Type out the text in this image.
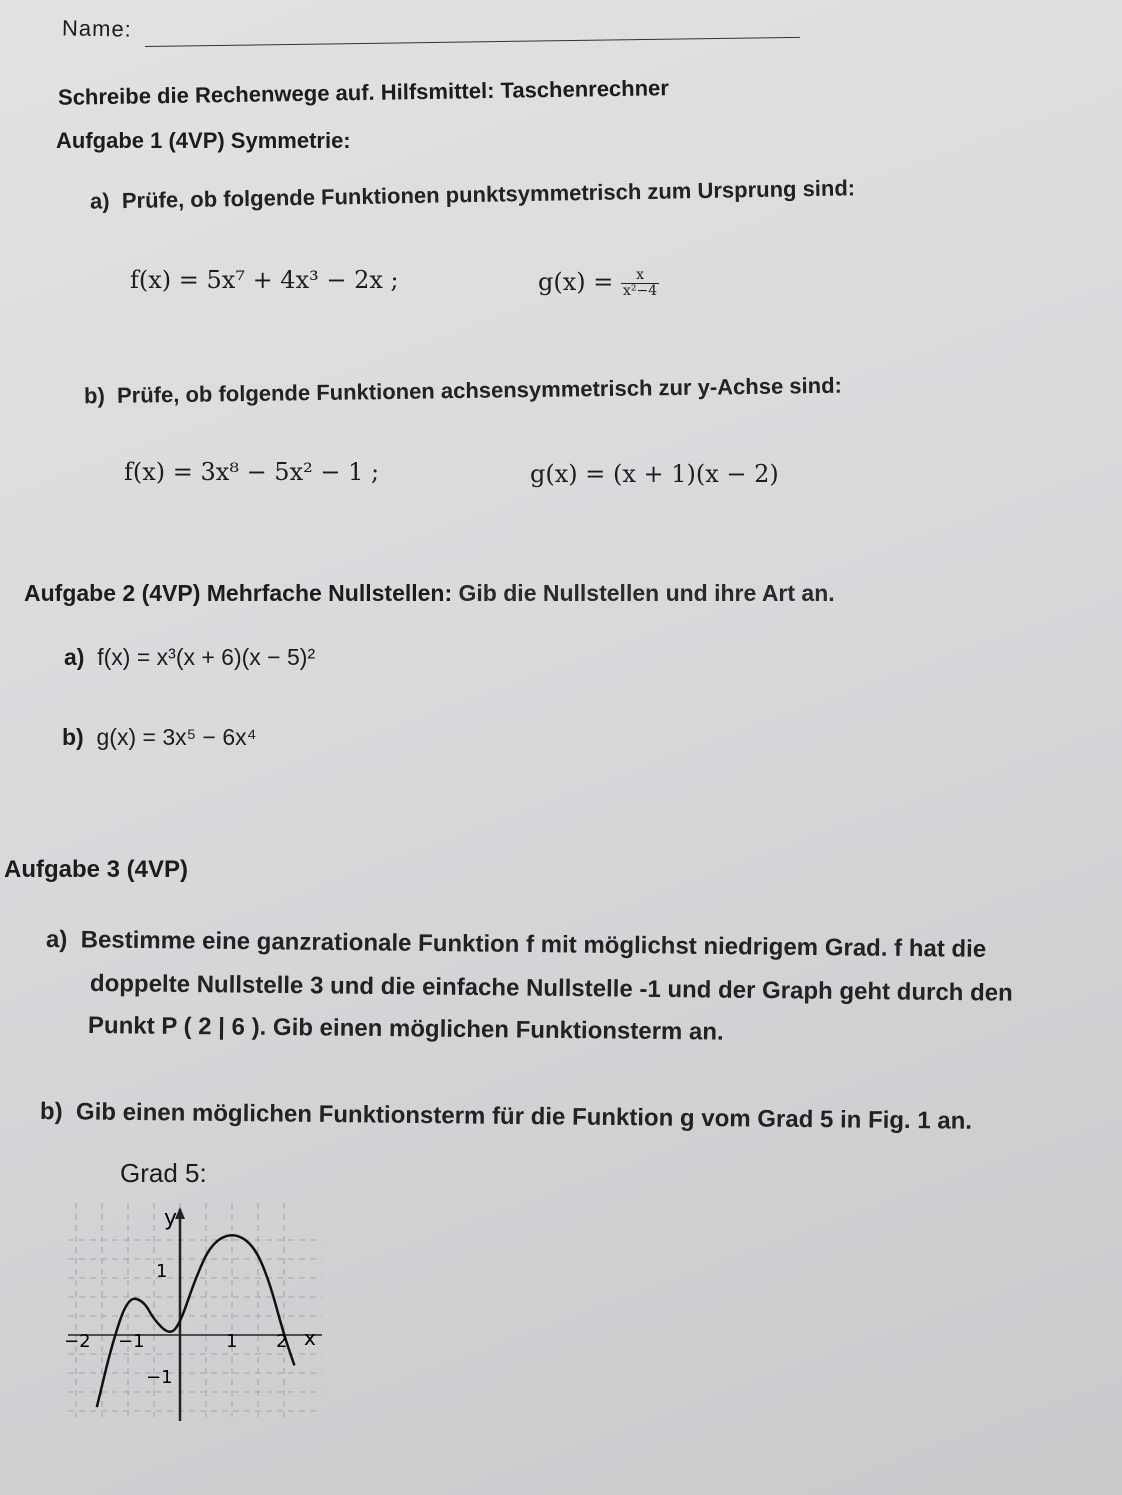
Name:
Schreibe die Rechenwege auf. Hilfsmittel: Taschenrechner
Aufgabe 1 (4VP) Symmetrie:
a) Prüfe, ob folgende Funktionen punktsymmetrisch zum Ursprung sind:
f(x) = 5x⁷ + 4x³ − 2x ;	$g(x) = \frac{x}{\text{x²−4}}$
b) Prüfe, ob folgende Funktionen achsensymmetrisch zur y-Achse sind:
f(x) = 3x⁸ − 5x² − 1 ;	g(x) = (x + 1)(x − 2)
Aufgabe 2 (4VP) Mehrfache Nullstellen: Gib die Nullstellen und ihre Art an.
a) f(x) = x³(x + 6)(x − 5)²
b) g(x) = 3x⁵ − 6x⁴
Aufgabe 3 (4VP)
a) Bestimme eine ganzrationale Funktion f mit möglichst niedrigem Grad. f hat die
doppelte Nullstelle 3 und die einfache Nullstelle -1 und der Graph geht durch den
Punkt P ( 2 | 6 ). Gib einen möglichen Funktionsterm an.
b) Gib einen möglichen Funktionsterm für die Funktion g vom Grad 5 in Fig. 1 an.
Grad 5:
y
x
1
−1
−2 −1	1 2
